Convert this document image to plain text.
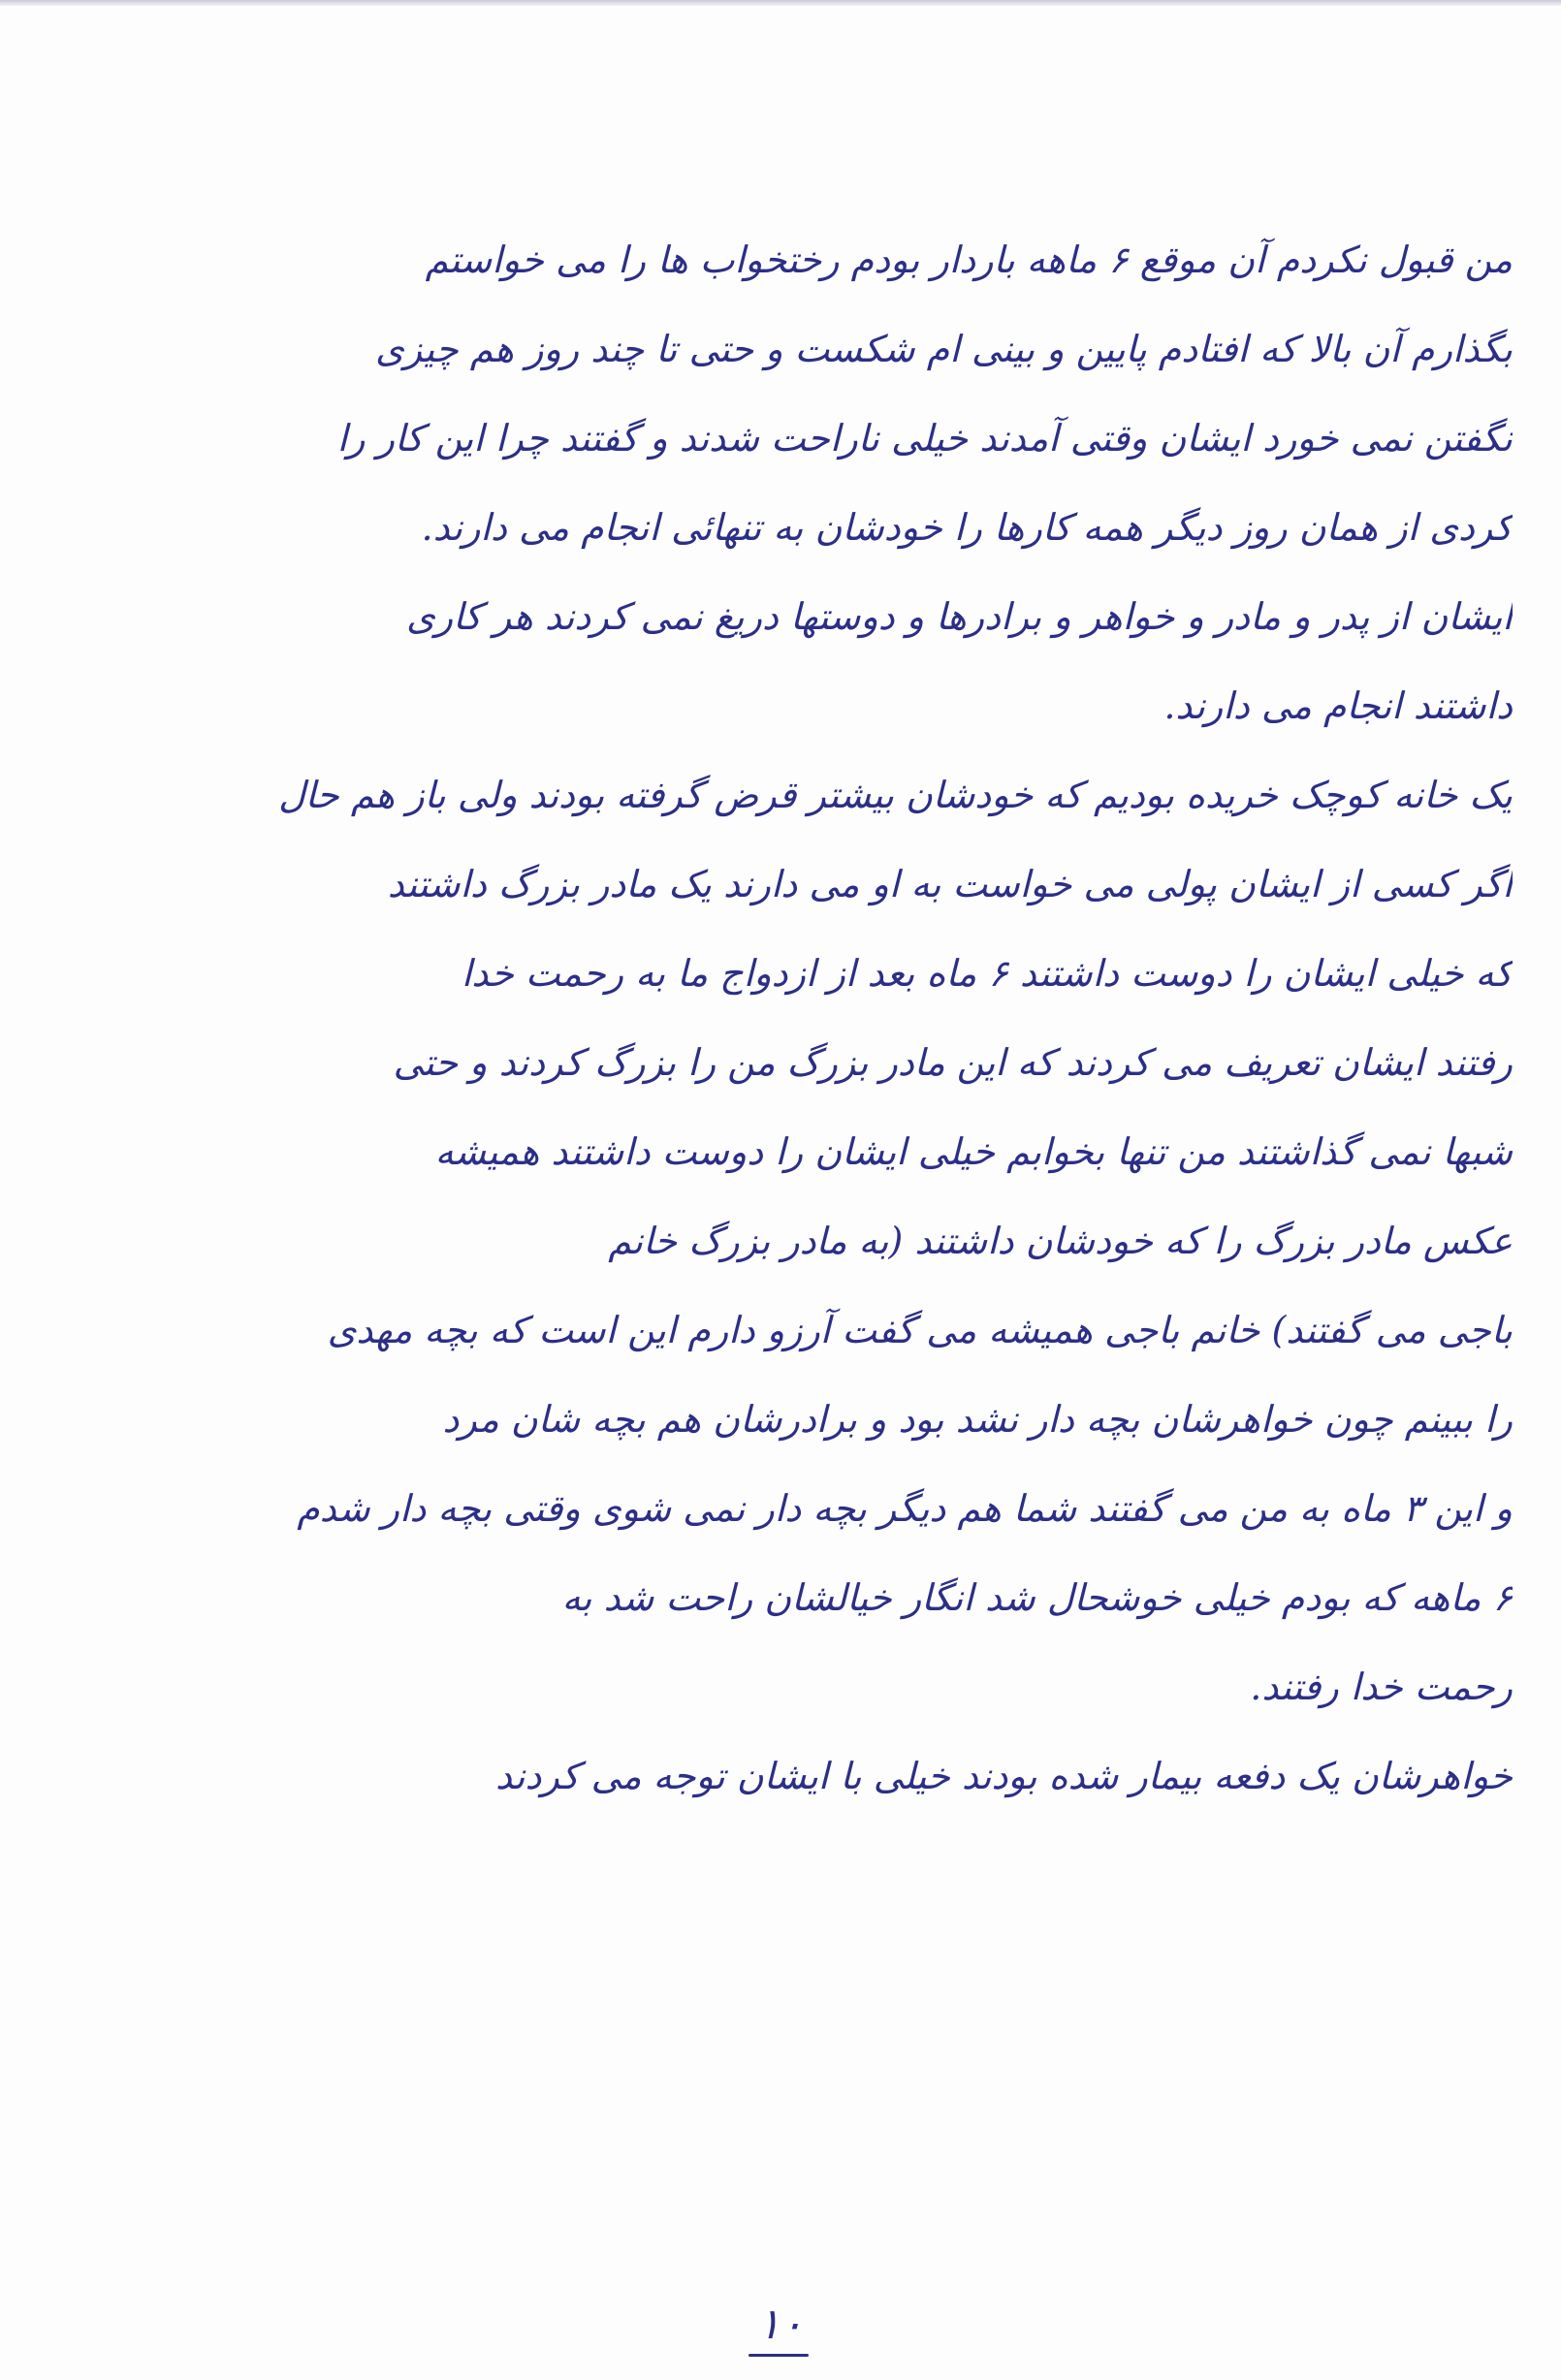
من قبول نکردم آن موقع ۶ ماهه باردار بودم رختخواب ها را می خواستم
بگذارم آن بالا که افتادم پایین و بینی ام شکست و حتی تا چند روز هم چیزی
نگفتن نمی خورد ایشان وقتی آمدند خیلی ناراحت شدند و گفتند چرا این کار را
کردی از همان روز دیگر همه کارها را خودشان به تنهائی انجام می دارند.
ایشان از پدر و مادر و خواهر و برادرها و دوستها دریغ نمی کردند هر کاری
داشتند انجام می دارند.
یک خانه کوچک خریده بودیم که خودشان بیشتر قرض گرفته بودند ولی باز هم حال
اگر کسی از ایشان پولی می خواست به او می دارند یک مادر بزرگ داشتند
که خیلی ایشان را دوست داشتند ۶ ماه بعد از ازدواج ما به رحمت خدا
رفتند ایشان تعریف می کردند که این مادر بزرگ من را بزرگ کردند و حتی
شبها نمی گذاشتند من تنها بخوابم خیلی ایشان را دوست داشتند همیشه
عکس مادر بزرگ را که خودشان داشتند (به مادر بزرگ خانم
باجی می گفتند) خانم باجی همیشه می گفت آرزو دارم این است که بچه مهدی
را ببینم چون خواهرشان بچه دار نشد بود و برادرشان هم بچه شان مرد
و این ۳ ماه به من می گفتند شما هم دیگر بچه دار نمی شوی وقتی بچه دار شدم
۶ ماهه که بودم خیلی خوشحال شد انگار خیالشان راحت شد به
رحمت خدا رفتند.
خواهرشان یک دفعه بیمار شده بودند خیلی با ایشان توجه می کردند
۱۰
